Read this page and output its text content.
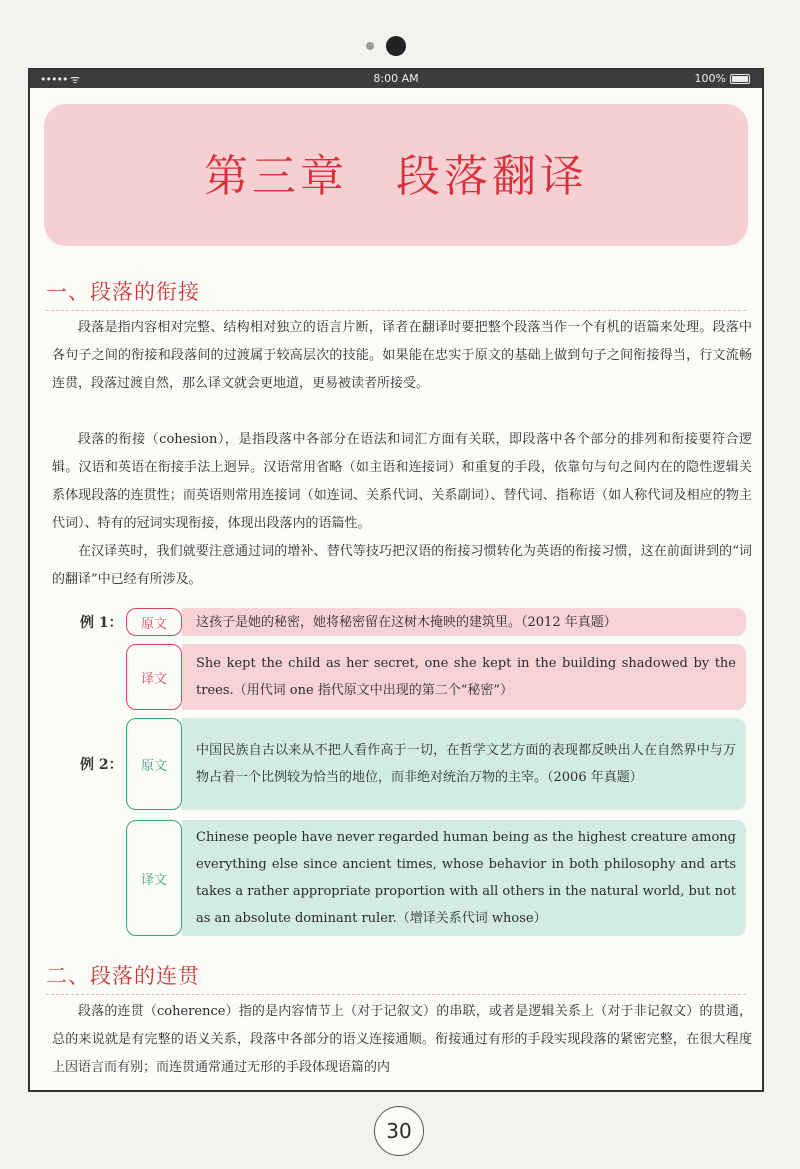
••••• ᯤ	8:00 AM	100%
第三章　段落翻译
一、段落的衔接

段落是指内容相对完整、结构相对独立的语言片断，译者在翻译时要把整个段落当作一个有机的语篇来处理。段落中各句子之间的衔接和段落间的过渡属于较高层次的技能。如果能在忠实于原文的基础上做到句子之间衔接得当，行文流畅连贯，段落过渡自然，那么译文就会更地道，更易被读者所接受。

段落的衔接（cohesion），是指段落中各部分在语法和词汇方面有关联，即段落中各个部分的排列和衔接要符合逻辑。汉语和英语在衔接手法上迥异。汉语常用省略（如主语和连接词）和重复的手段，依靠句与句之间内在的隐性逻辑关系体现段落的连贯性；而英语则常用连接词（如连词、关系代词、关系副词）、替代词、指称语（如人称代词及相应的物主代词）、特有的冠词实现衔接，体现出段落内的语篇性。

在汉译英时，我们就要注意通过词的增补、替代等技巧把汉语的衔接习惯转化为英语的衔接习惯，这在前面讲到的“词的翻译”中已经有所涉及。

例 1：	原文	这孩子是她的秘密，她将秘密留在这树木掩映的建筑里。（2012 年真题）
译文
She kept the child as her secret, one she kept in the building shadowed by the trees.（用代词 one 指代原文中出现的第二个“秘密”）
例 2：	原文
中国民族自古以来从不把人看作高于一切，在哲学文艺方面的表现都反映出人在自然界中与万物占着一个比例较为恰当的地位，而非绝对统治万物的主宰。（2006 年真题）
译文
Chinese people have never regarded human being as the highest creature among everything else since ancient times, whose behavior in both philosophy and arts takes a rather appropriate proportion with all others in the natural world, but not as an absolute dominant ruler.（增译关系代词 whose）
二、段落的连贯

段落的连贯（coherence）指的是内容情节上（对于记叙文）的串联，或者是逻辑关系上（对于非记叙文）的贯通，总的来说就是有完整的语义关系，段落中各部分的语义连接通顺。衔接通过有形的手段实现段落的紧密完整，在很大程度上因语言而有别；而连贯通常通过无形的手段体现语篇的内

30
